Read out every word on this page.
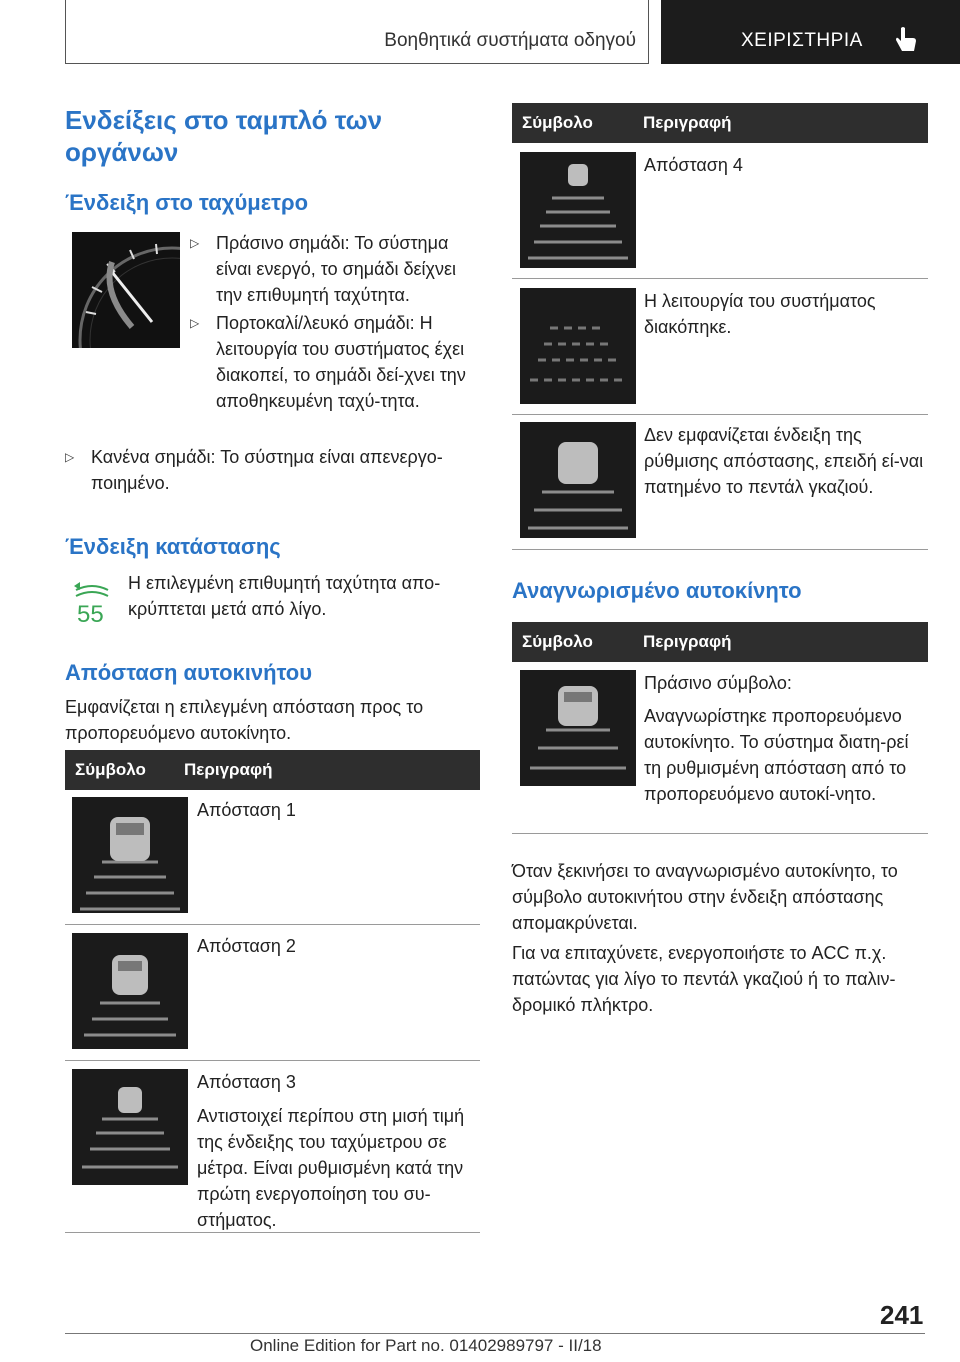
Βοηθητικά συστήματα οδηγού	ΧΕΙΡΙΣΤΗΡΙΑ
Ενδείξεις στο ταμπλό των οργάνων
Ένδειξη στο ταχύμετρο
▷ Πράσινο σημάδι: Το σύστημα είναι ενεργό, το σημάδι δείχνει την επιθυμητή ταχύτητα.
▷ Πορτοκαλί/λευκό σημάδι: Η λειτουργία του συστήματος έχει διακοπεί, το σημάδι δεί-χνει την αποθηκευμένη ταχύ-τητα.
▷ Κανένα σημάδι: Το σύστημα είναι απενεργο-ποιημένο.
Ένδειξη κατάστασης
55
Η επιλεγμένη επιθυμητή ταχύτητα απο-κρύπτεται μετά από λίγο.
Απόσταση αυτοκινήτου
Εμφανίζεται η επιλεγμένη απόσταση προς το προπορευόμενο αυτοκίνητο.
Σύμβολο Περιγραφή
Απόσταση 1
Απόσταση 2
Απόσταση 3
Αντιστοιχεί περίπου στη μισή τιμή της ένδειξης του ταχύμετρου σε μέτρα. Είναι ρυθμισμένη κατά την πρώτη ενεργοποίηση του συ-στήματος.
Σύμβολο	Περιγραφή
Απόσταση 4
Η λειτουργία του συστήματος διακόπηκε.
Δεν εμφανίζεται ένδειξη της ρύθμισης απόστασης, επειδή εί-ναι πατημένο το πεντάλ γκαζιού.
Αναγνωρισμένο αυτοκίνητο
Σύμβολο	Περιγραφή
Πράσινο σύμβολο:
Αναγνωρίστηκε προπορευόμενο αυτοκίνητο. Το σύστημα διατη-ρεί τη ρυθμισμένη απόσταση από το προπορευόμενο αυτοκί-νητο.
Όταν ξεκινήσει το αναγνωρισμένο αυτοκίνητο, το σύμβολο αυτοκινήτου στην ένδειξη απόστασης απομακρύνεται.
Για να επιταχύνετε, ενεργοποιήστε το ACC π.χ. πατώντας για λίγο το πεντάλ γκαζιού ή το παλιν-δρομικό πλήκτρο.
241
Online Edition for Part no. 01402989797 - II/18
